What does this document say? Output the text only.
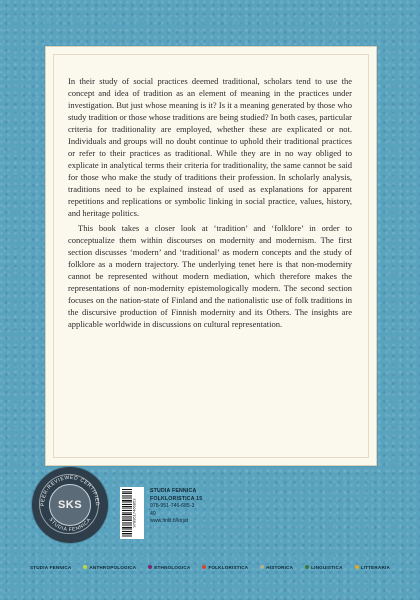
In their study of social practices deemed traditional, scholars tend to use the concept and idea of tradition as an element of meaning in the practices under investigation. But just whose meaning is it? Is it a meaning generated by those who study tradition or those whose traditions are being studied? In both cases, particular criteria for traditionality are employed, whether these are explicated or not. Individuals and groups will no doubt continue to uphold their traditional practices or refer to their practices as traditional. While they are in no way obliged to explicate in analytical terms their criteria for traditionality, the same cannot be said for those who make the study of traditions their profession. In scholarly analysis, traditions need to be explained instead of used as explanations for apparent repetitions and replications or symbolic linking in social practice, values, history, and heritage politics.

This book takes a closer look at ‘tradition’ and ‘folklore’ in order to conceptualize them within discourses on modernity and modernism. The first section discusses ‘modern’ and ‘traditional’ as modern concepts and the study of folklore as a modern trajectory. The underlying tenet here is that non-modernity cannot be represented without modern mediation, which therefore makes the representations of non-modernity epistemologically modern. The second section focuses on the nation-state of Finland and the nationalistic use of folk traditions in the discursive production of Finnish modernity and its Others. The insights are applicable worldwide in discussions on cultural representation.

PEER-REVIEWED CERTIFIED
STUDIA FENNICA
SKS	9789517466853
STUDIA FENNICA
FOLKLORISTICA 15
978-951-746-685-3
49
www.finlit.fi/kirjat
STUDIA FENNICA	ANTHROPOLOGICA	ETHNOLOGICA	FOLKLORISTICA	HISTORICA	LINGUISTICA	LITTERARIA
